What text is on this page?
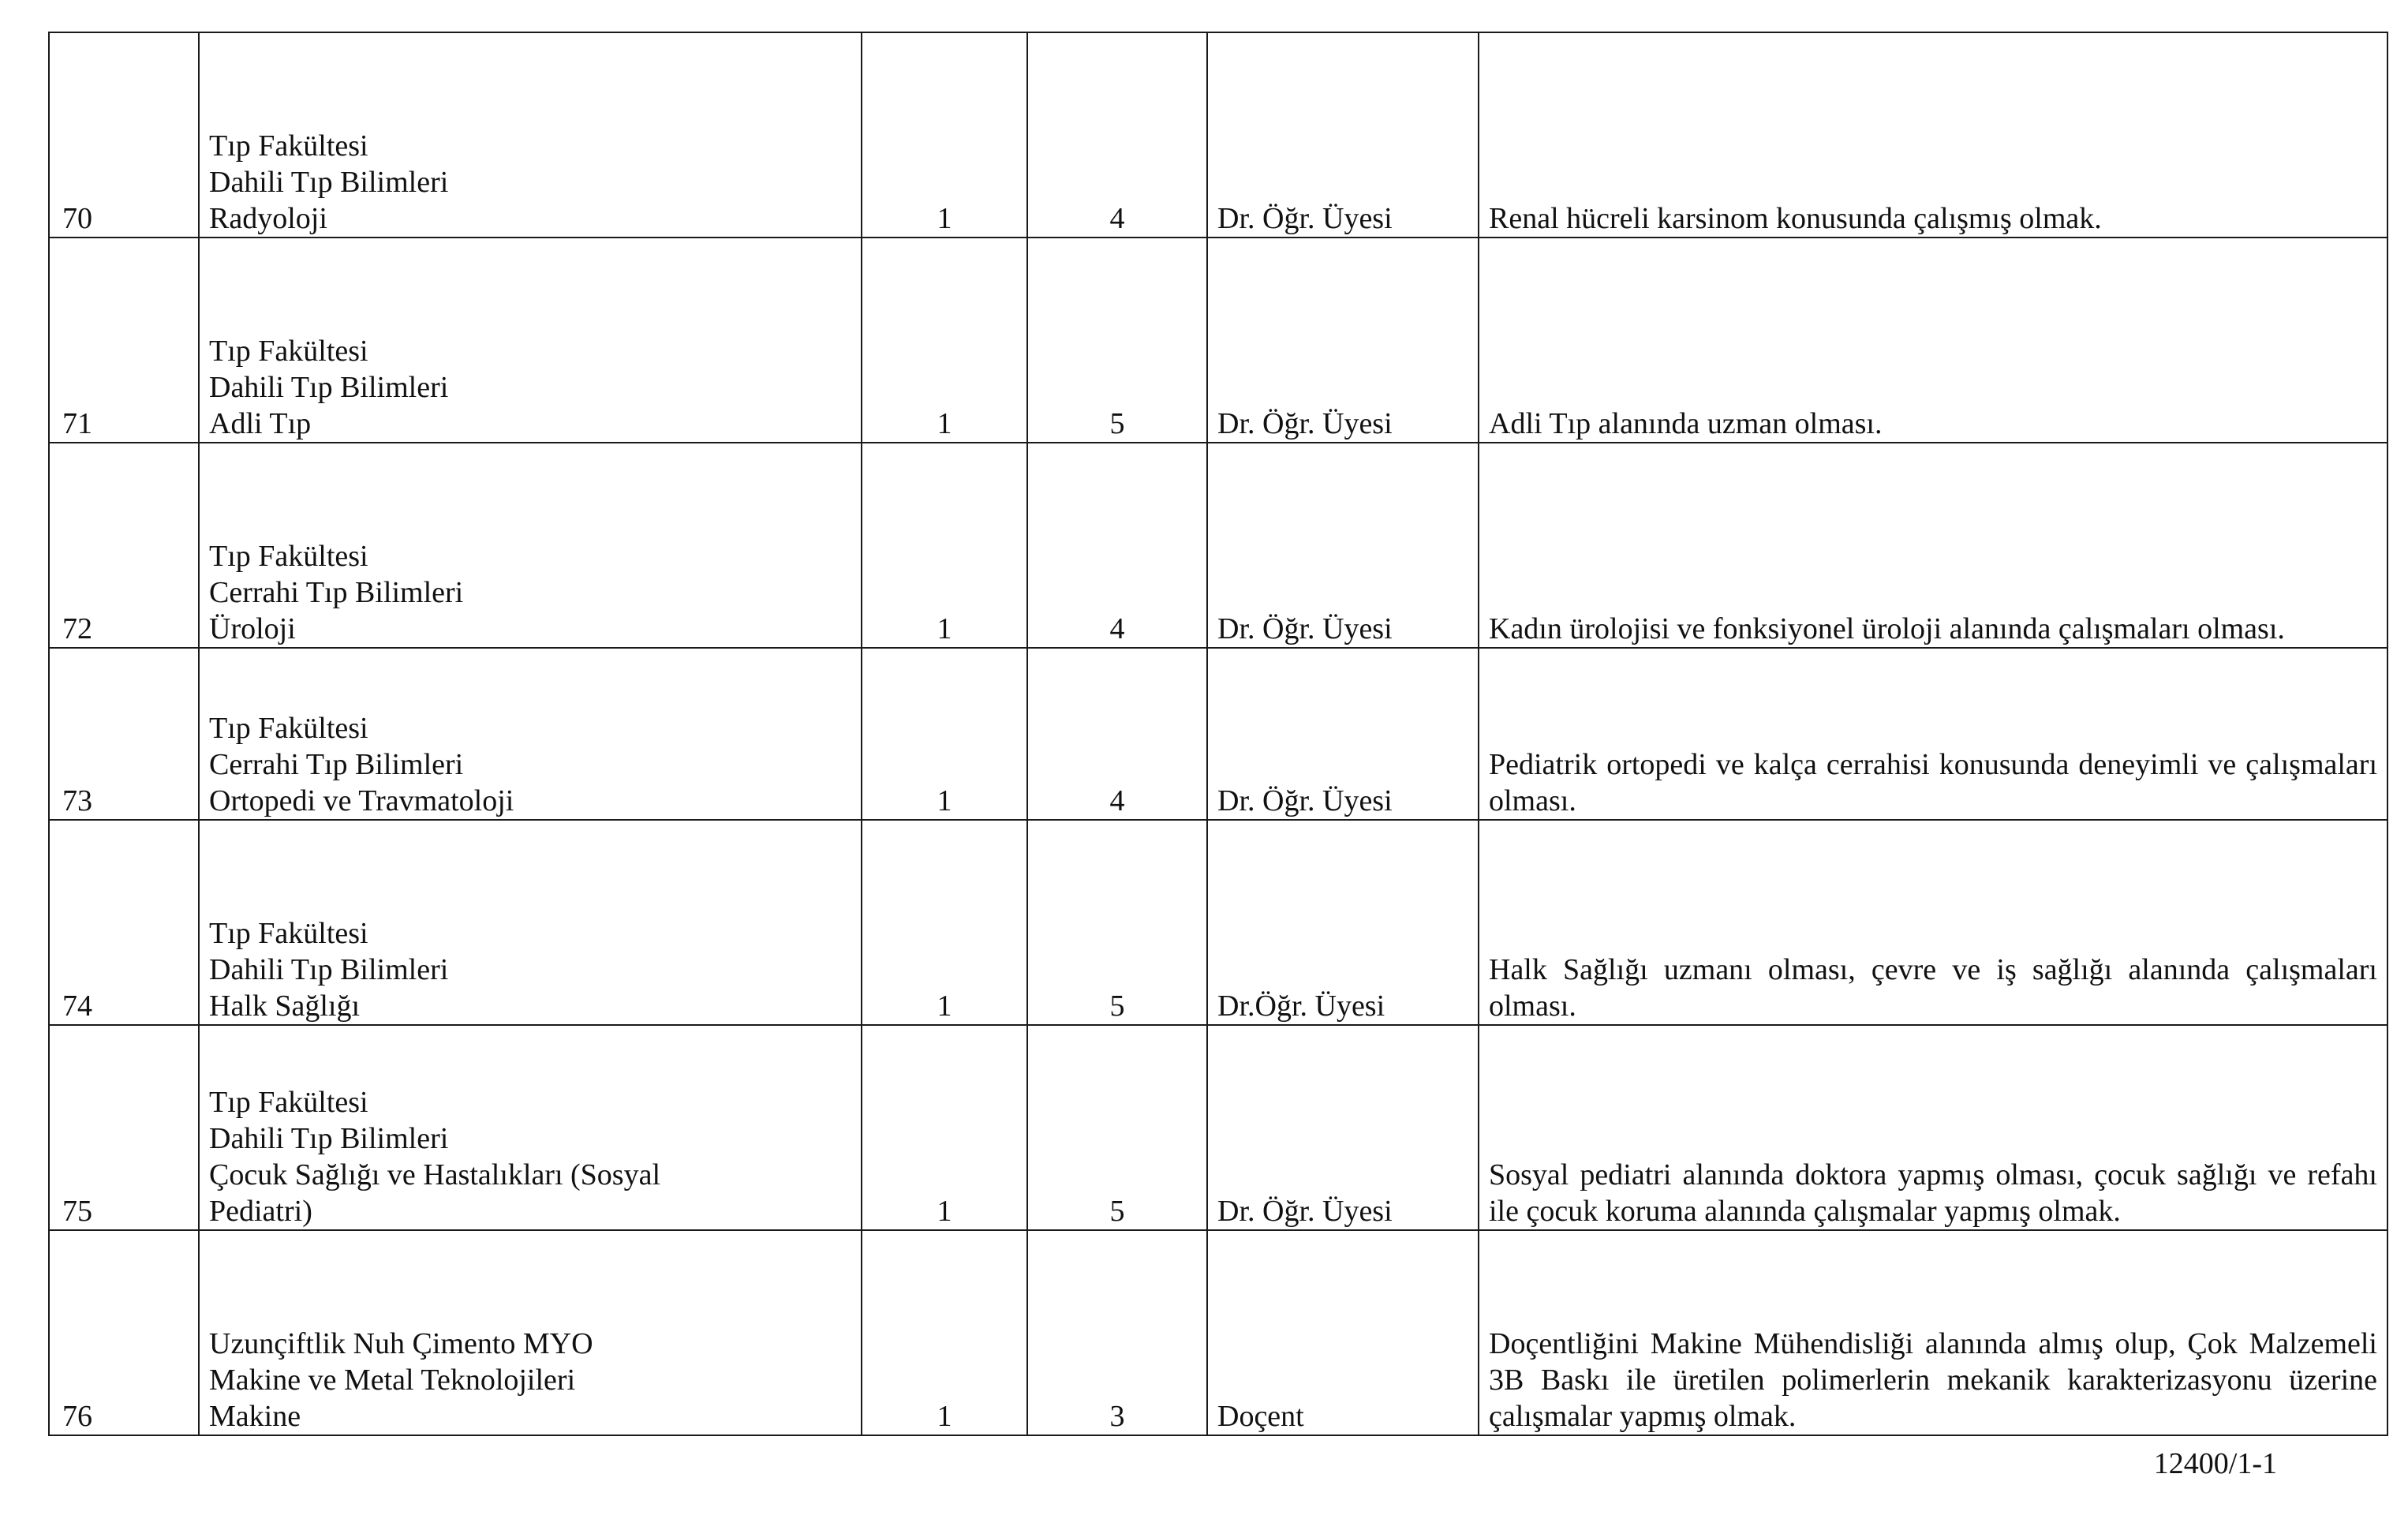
70	Tıp Fakültesi
Dahili Tıp Bilimleri
Radyoloji	1	4	Dr. Öğr. Üyesi	Renal hücreli karsinom konusunda çalışmış olmak.

71	Tıp Fakültesi
Dahili Tıp Bilimleri
Adli Tıp	1	5	Dr. Öğr. Üyesi	Adli Tıp alanında uzman olması.

72	Tıp Fakültesi
Cerrahi Tıp Bilimleri
Üroloji	1	4	Dr. Öğr. Üyesi	Kadın ürolojisi ve fonksiyonel üroloji alanında çalışmaları olması.

73	Tıp Fakültesi
Cerrahi Tıp Bilimleri
Ortopedi ve Travmatoloji	1	4	Dr. Öğr. Üyesi	Pediatrik ortopedi ve kalça cerrahisi konusunda deneyimli ve çalışmaları olması.

74	Tıp Fakültesi
Dahili Tıp Bilimleri
Halk Sağlığı	1	5	Dr.Öğr. Üyesi	Halk Sağlığı uzmanı olması, çevre ve iş sağlığı alanında çalışmaları olması.

75	Tıp Fakültesi
Dahili Tıp Bilimleri
Çocuk Sağlığı ve Hastalıkları (Sosyal
Pediatri)	1	5	Dr. Öğr. Üyesi	Sosyal pediatri alanında doktora yapmış olması, çocuk sağlığı ve refahı ile çocuk koruma alanında çalışmalar yapmış olmak.

76	Uzunçiftlik Nuh Çimento MYO
Makine ve Metal Teknolojileri
Makine	1	3	Doçent	Doçentliğini Makine Mühendisliği alanında almış olup, Çok Malzemeli 3B Baskı ile üretilen polimerlerin mekanik karakterizasyonu üzerine çalışmalar yapmış olmak.
12400/1-1
